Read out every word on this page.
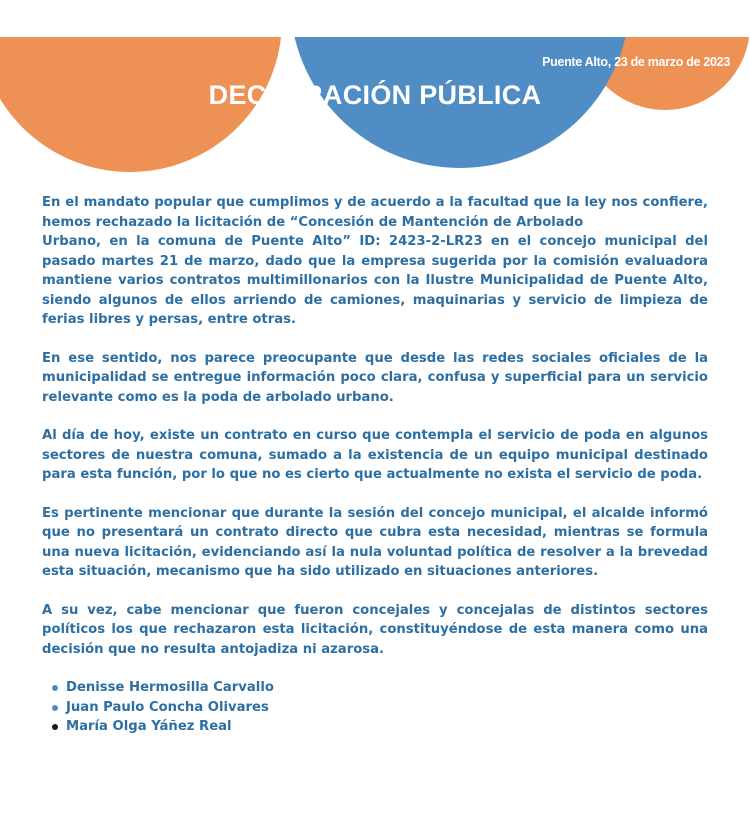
Puente Alto, 23 de marzo de 2023
DECLARACIÓN PÚBLICA

En el mandato popular que cumplimos y de acuerdo a la facultad que la ley nos confiere, hemos rechazado la licitación de “Concesión de Mantención de Arbolado
Urbano, en la comuna de Puente Alto” ID: 2423-2-LR23 en el concejo municipal del pasado martes 21 de marzo, dado que la empresa sugerida por la comisión evaluadora mantiene varios contratos multimillonarios con la Ilustre Municipalidad de Puente Alto, siendo algunos de ellos arriendo de camiones, maquinarias y servicio de limpieza de ferias libres y persas, entre otras.

En ese sentido, nos parece preocupante que desde las redes sociales oficiales de la municipalidad se entregue información poco clara, confusa y superficial para un servicio relevante como es la poda de arbolado urbano.

Al día de hoy, existe un contrato en curso que contempla el servicio de poda en algunos sectores de nuestra comuna, sumado a la existencia de un equipo municipal destinado para esta función, por lo que no es cierto que actualmente no exista el servicio de poda.

Es pertinente mencionar que durante la sesión del concejo municipal, el alcalde informó que no presentará un contrato directo que cubra esta necesidad, mientras se formula una nueva licitación, evidenciando así la nula voluntad política de resolver a la brevedad esta situación, mecanismo que ha sido utilizado en situaciones anteriores.

A su vez, cabe mencionar que fueron concejales y concejalas de distintos sectores políticos los que rechazaron esta licitación, constituyéndose de esta manera como una decisión que no resulta antojadiza ni azarosa.

Denisse Hermosilla Carvallo
Juan Paulo Concha Olivares
María Olga Yáñez Real
